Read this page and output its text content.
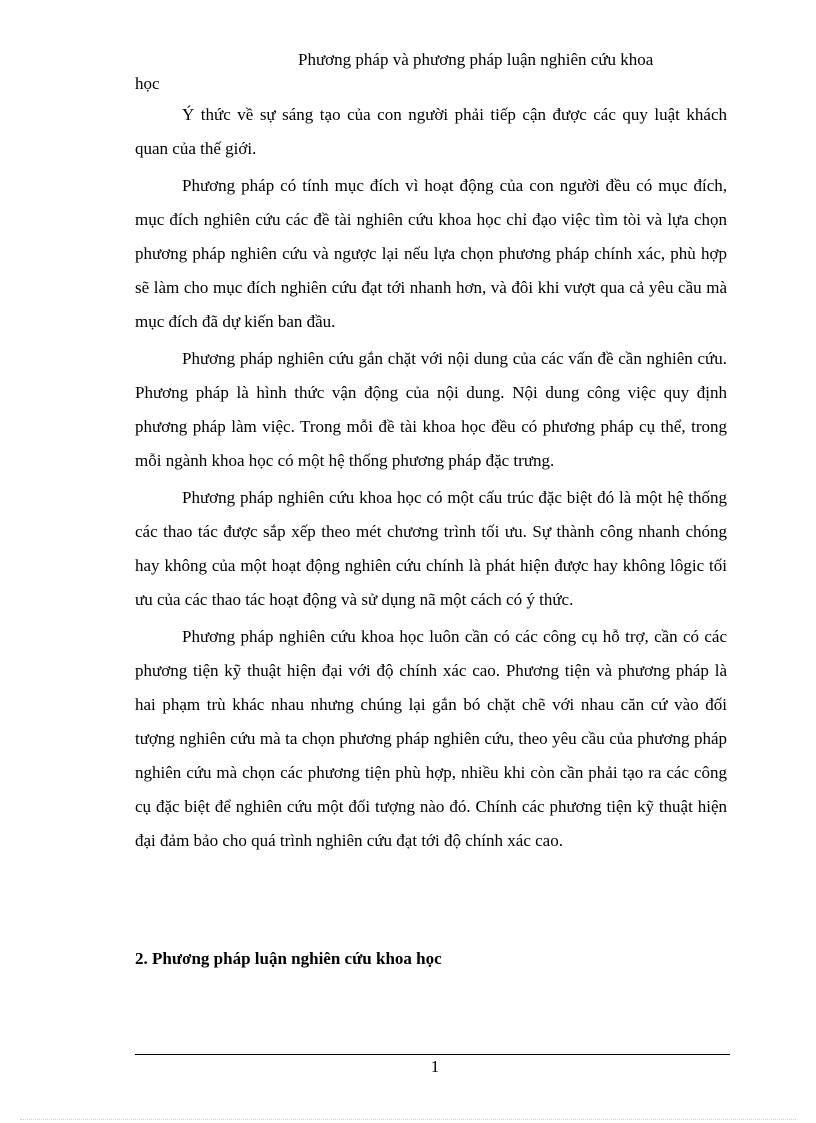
Phương pháp và phương pháp luận nghiên cứu khoa
học

Ý thức về sự sáng tạo của con người phải tiếp cận được các quy luật khách quan của thế giới.

Phương pháp có tính mục đích vì hoạt động của con người đều có mục đích, mục đích nghiên cứu các đề tài nghiên cứu khoa học chỉ đạo việc tìm tòi và lựa chọn phương pháp nghiên cứu và ngược lại nếu lựa chọn phương pháp chính xác, phù hợp sẽ làm cho mục đích nghiên cứu đạt tới nhanh hơn, và đôi khi vượt qua cả yêu cầu mà mục đích đã dự kiến ban đầu.

Phương pháp nghiên cứu gắn chặt với nội dung của các vấn đề cần nghiên cứu. Phương pháp là hình thức vận động của nội dung. Nội dung công việc quy định phương pháp làm việc. Trong mỗi đề tài khoa học đều có phương pháp cụ thể, trong mỗi ngành khoa học có một hệ thống phương pháp đặc trưng.

Phương pháp nghiên cứu khoa học có một cấu trúc đặc biệt đó là một hệ thống các thao tác được sắp xếp theo mét chương trình tối ưu. Sự thành công nhanh chóng hay không của một hoạt động nghiên cứu chính là phát hiện được hay không lôgic tối ưu của các thao tác hoạt động và sử dụng nã một cách có ý thức.

Phương pháp nghiên cứu khoa học luôn cần có các công cụ hỗ trợ, cần có các phương tiện kỹ thuật hiện đại với độ chính xác cao. Phương tiện và phương pháp là hai phạm trù khác nhau nhưng chúng lại gắn bó chặt chẽ với nhau căn cứ vào đối tượng nghiên cứu mà ta chọn phương pháp nghiên cứu, theo yêu cầu của phương pháp nghiên cứu mà chọn các phương tiện phù hợp, nhiều khi còn cần phải tạo ra các công cụ đặc biệt để nghiên cứu một đối tượng nào đó. Chính các phương tiện kỹ thuật hiện đại đảm bảo cho quá trình nghiên cứu đạt tới độ chính xác cao.

2. Phương pháp luận nghiên cứu khoa học
1
